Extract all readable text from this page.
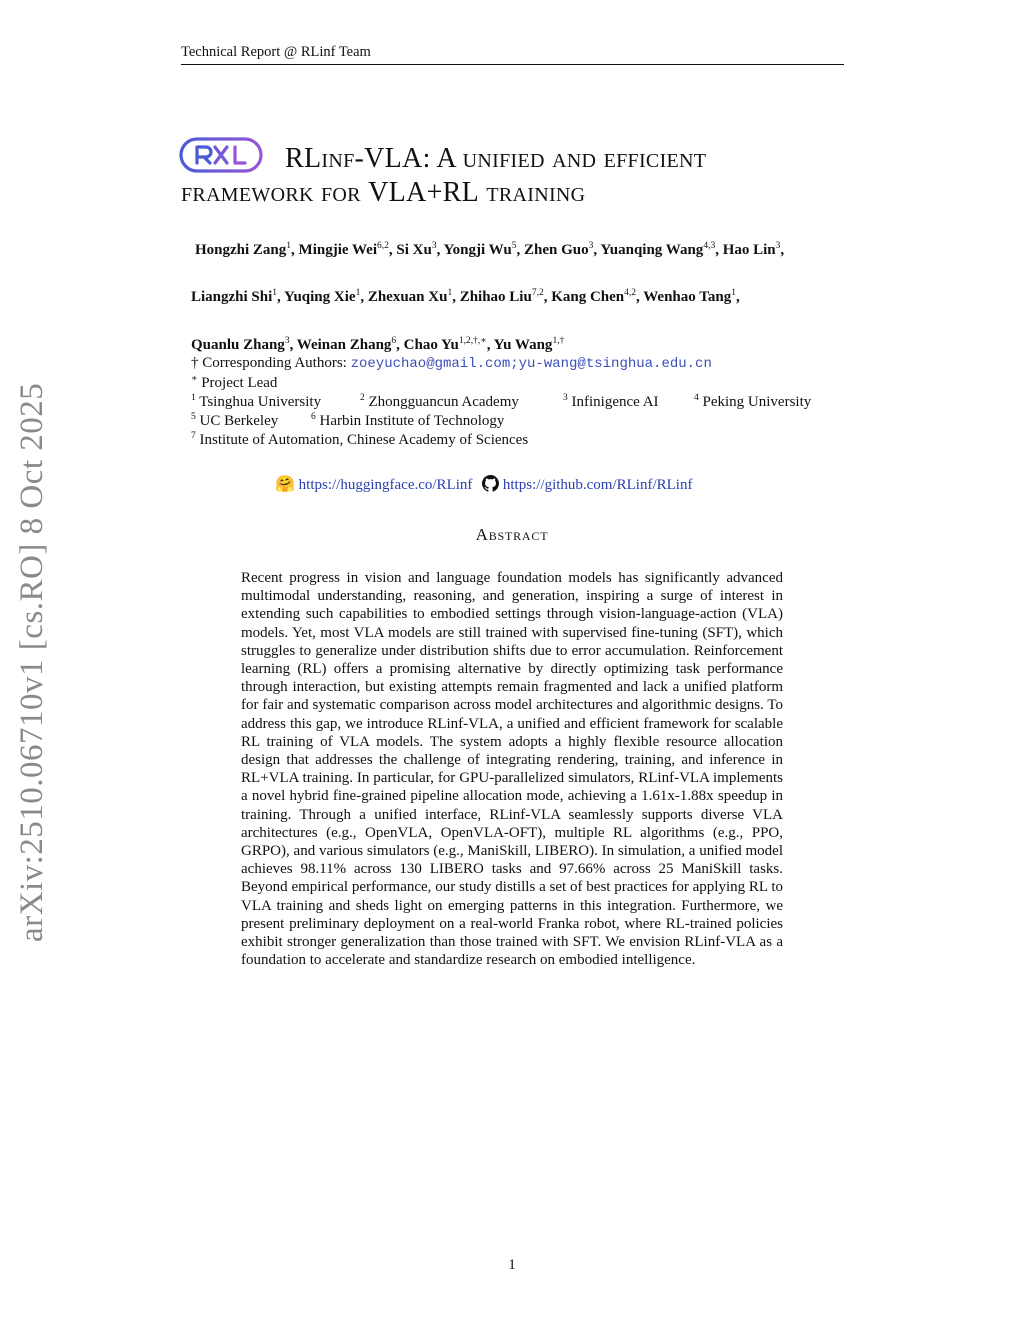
Technical Report @ RLinf Team
RLinf-VLA: A unified and efficient
framework for VLA+RL training
Hongzhi Zang$^1$, Mingjie Wei$^{6,2}$, Si Xu$^3$, Yongji Wu$^5$, Zhen Guo$^3$, Yuanqing Wang$^{4,3}$, Hao Lin$^3$,
Liangzhi Shi$^1$, Yuqing Xie$^1$, Zhexuan Xu$^1$, Zhihao Liu$^{7,2}$, Kang Chen$^{4,2}$, Wenhao Tang$^1$,
Quanlu Zhang$^3$, Weinan Zhang$^6$, Chao $Yu^{1,2,\dagger,∗}$, Yu Wang$^{1,\dagger}$
† Corresponding Authors: zoeyuchao@gmail.com;yu-wang@tsinghua.edu.cn
∗ Project Lead
$^1$ Tsinghua University	$^2$ Zhongguancun Academy	$^3$ Infinigence AI	$^4$ Peking University
$^5$ UC Berkeley	$^6$ Harbin Institute of Technology
$^7$ Institute of Automation, Chinese Academy of Sciences
🤗 https://huggingface.co/RLinf https://github.com/RLinf/RLinf
Abstract
Recent progress in vision and language foundation models has significantly advanced multimodal understanding, reasoning, and generation, inspiring a surge of interest in extending such capabilities to embodied settings through vision-language-action (VLA) models. Yet, most VLA models are still trained with supervised fine-tuning (SFT), which struggles to generalize under distribution shifts due to error accumulation. Reinforcement learning (RL) offers a promising alternative by directly optimizing task performance through interaction, but existing attempts remain fragmented and lack a unified platform for fair and systematic comparison across model architectures and algorithmic designs. To address this gap, we introduce RLinf-VLA, a unified and efficient framework for scalable RL training of VLA models. The system adopts a highly flexible resource allocation design that addresses the challenge of integrating rendering, training, and inference in RL+VLA training. In particular, for GPU-parallelized simulators, RLinf-VLA implements a novel hybrid fine-grained pipeline allocation mode, achieving a 1.61x-1.88x speedup in training. Through a unified interface, RLinf-VLA seamlessly supports diverse VLA architectures (e.g., OpenVLA, OpenVLA-OFT), multiple RL algorithms (e.g., PPO, GRPO), and various simulators (e.g., ManiSkill, LIBERO). In simulation, a unified model achieves 98.11% across 130 LIBERO tasks and 97.66% across 25 ManiSkill tasks. Beyond empirical performance, our study distills a set of best practices for applying RL to VLA training and sheds light on emerging patterns in this integration. Furthermore, we present preliminary deployment on a real-world Franka robot, where RL-trained policies exhibit stronger generalization than those trained with SFT. We envision RLinf-VLA as a foundation to accelerate and standardize research on embodied intelligence.
arXiv:2510.06710v1 [cs.RO] 8 Oct 2025
1
